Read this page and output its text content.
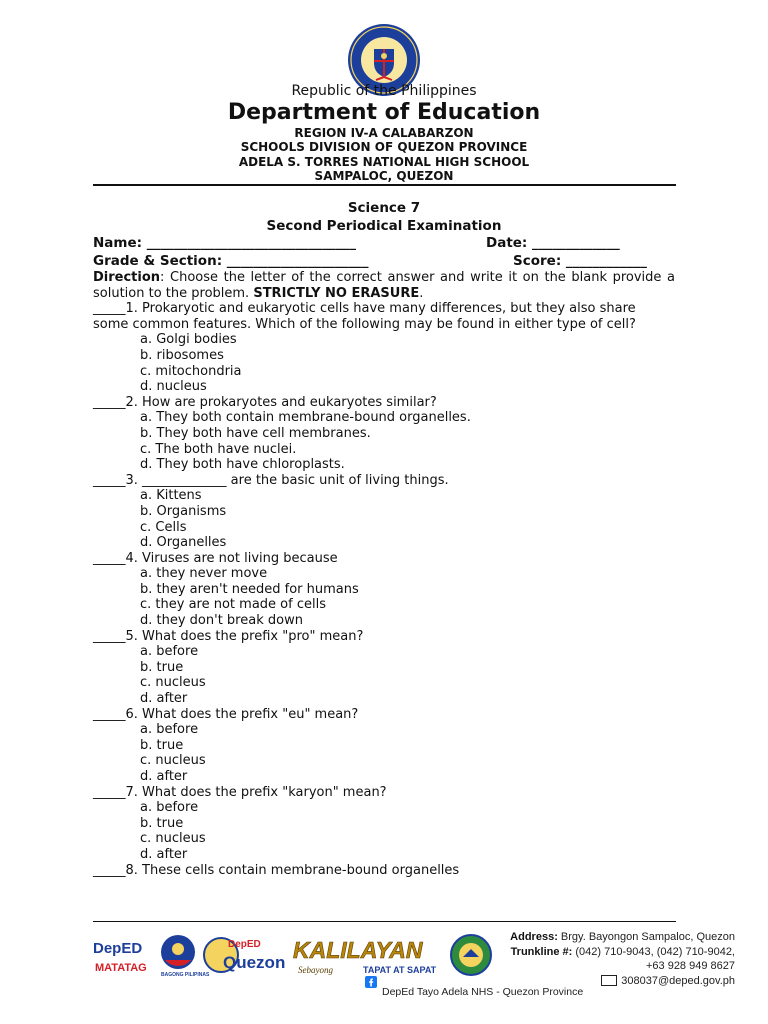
Republic of the Philippines
Department of Education
REGION IV-A CALABARZON
SCHOOLS DIVISION OF QUEZON PROVINCE
ADELA S. TORRES NATIONAL HIGH SCHOOL
SAMPALOC, QUEZON
Science 7
Second Periodical Examination
Name: _______________________________	Date: _____________
Grade & Section: _____________________	Score: ____________
Direction: Choose the letter of the correct answer and write it on the blank provide a solution to the problem. STRICTLY NO ERASURE.
_____1. Prokaryotic and eukaryotic cells have many differences, but they also share some common features. Which of the following may be found in either type of cell?
a. Golgi bodies
b. ribosomes
c. mitochondria
d. nucleus
_____2. How are prokaryotes and eukaryotes similar?
a. They both contain membrane-bound organelles.
b. They both have cell membranes.
c. The both have nuclei.
d. They both have chloroplasts.
_____3. _____________ are the basic unit of living things.
a. Kittens
b. Organisms
c. Cells
d. Organelles
_____4. Viruses are not living because
a. they never move
b. they aren't needed for humans
c. they are not made of cells
d. they don't break down
_____5. What does the prefix "pro" mean?
a. before
b. true
c. nucleus
d. after
_____6. What does the prefix "eu" mean?
a. before
b. true
c. nucleus
d. after
_____7. What does the prefix "karyon" mean?
a. before
b. true
c. nucleus
d. after
_____8. These cells contain membrane-bound organelles
DepED
MATATAG
BAGONG PILIPINAS
DepED
Quezon KALILAYAN
Sebayong	TAPAT AT SAPAT
Address: Brgy. Bayongon Sampaloc, Quezon
Trunkline #: (042) 710-9043, (042) 710-9042,
+63 928 949 8627
308037@deped.gov.ph
DepEd Tayo Adela NHS - Quezon Province
